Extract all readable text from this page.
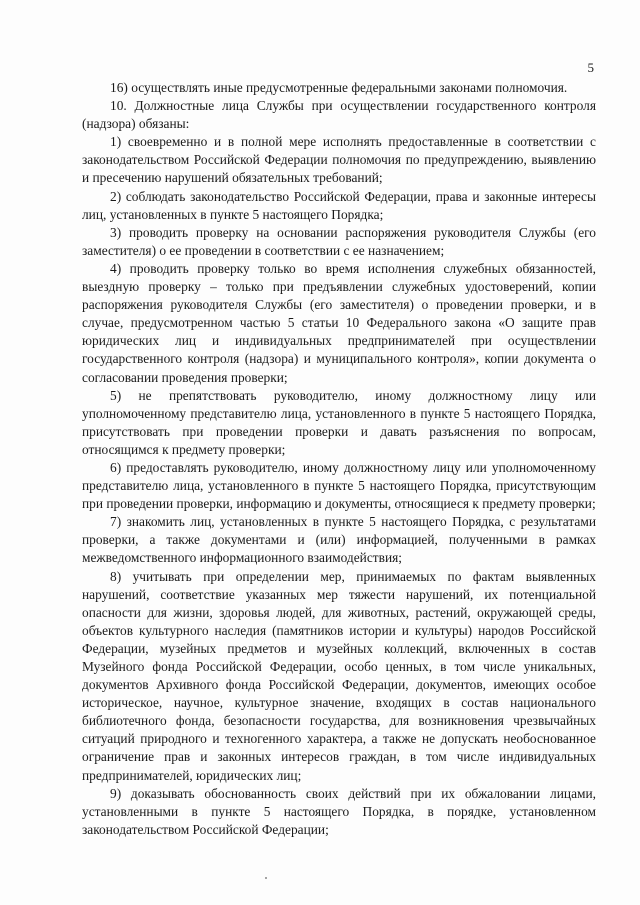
5

16) осуществлять иные предусмотренные федеральными законами полномочия.

10. Должностные лица Службы при осуществлении государственного контроля (надзора) обязаны:

1) своевременно и в полной мере исполнять предоставленные в соответствии с законодательством Российской Федерации полномочия по предупреждению, выявлению и пресечению нарушений обязательных требований;

2) соблюдать законодательство Российской Федерации, права и законные интересы лиц, установленных в пункте 5 настоящего Порядка;

3) проводить проверку на основании распоряжения руководителя Службы (его заместителя) о ее проведении в соответствии с ее назначением;

4) проводить проверку только во время исполнения служебных обязанностей, выездную проверку – только при предъявлении служебных удостоверений, копии распоряжения руководителя Службы (его заместителя) о проведении проверки, и в случае, предусмотренном частью 5 статьи 10 Федерального закона «О защите прав юридических лиц и индивидуальных предпринимателей при осуществлении государственного контроля (надзора) и муниципального контроля», копии документа о согласовании проведения проверки;

5) не препятствовать руководителю, иному должностному лицу или уполномоченному представителю лица, установленного в пункте 5 настоящего Порядка, присутствовать при проведении проверки и давать разъяснения по вопросам, относящимся к предмету проверки;

6) предоставлять руководителю, иному должностному лицу или уполномоченному представителю лица, установленного в пункте 5 настоящего Порядка, присутствующим при проведении проверки, информацию и документы, относящиеся к предмету проверки;

7) знакомить лиц, установленных в пункте 5 настоящего Порядка, с результатами проверки, а также документами и (или) информацией, полученными в рамках межведомственного информационного взаимодействия;

8) учитывать при определении мер, принимаемых по фактам выявленных нарушений, соответствие указанных мер тяжести нарушений, их потенциальной опасности для жизни, здоровья людей, для животных, растений, окружающей среды, объектов культурного наследия (памятников истории и культуры) народов Российской Федерации, музейных предметов и музейных коллекций, включенных в состав Музейного фонда Российской Федерации, особо ценных, в том числе уникальных, документов Архивного фонда Российской Федерации, документов, имеющих особое историческое, научное, культурное значение, входящих в состав национального библиотечного фонда, безопасности государства, для возникновения чрезвычайных ситуаций природного и техногенного характера, а также не допускать необоснованное ограничение прав и законных интересов граждан, в том числе индивидуальных предпринимателей, юридических лиц;

9) доказывать обоснованность своих действий при их обжаловании лицами, установленными в пункте 5 настоящего Порядка, в порядке, установленном законодательством Российской Федерации;
